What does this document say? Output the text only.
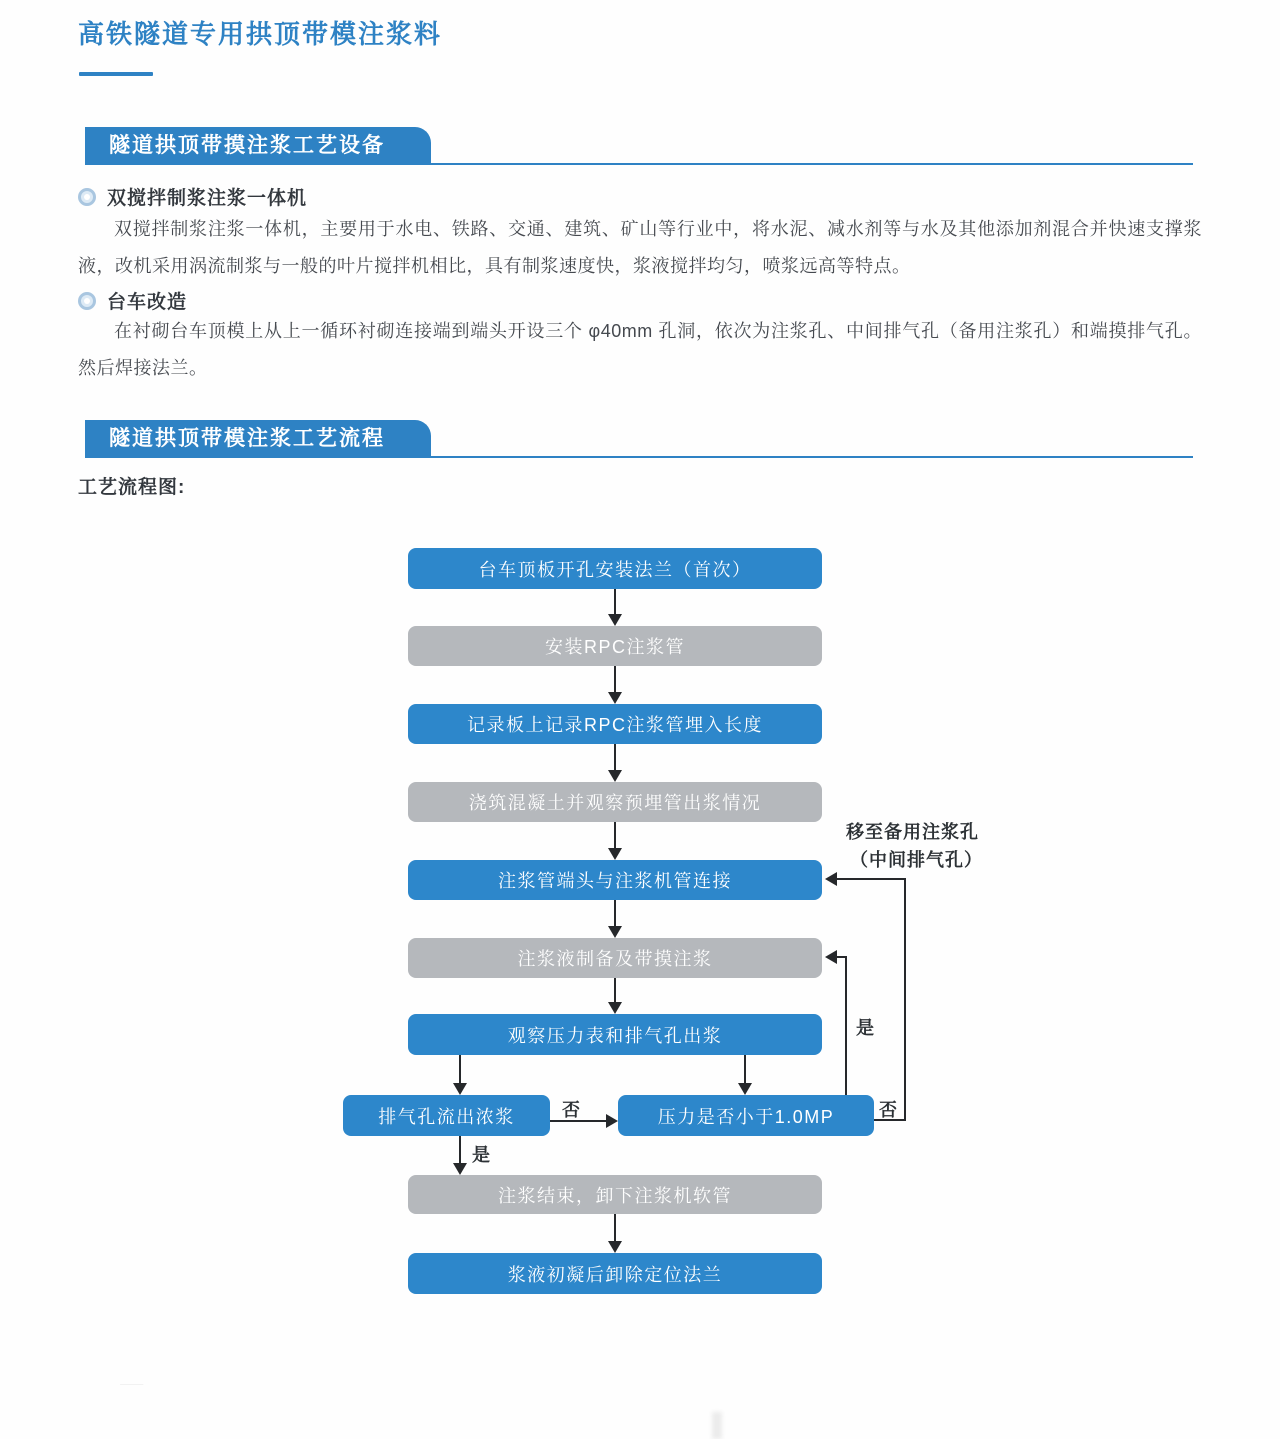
高铁隧道专用拱顶带模注浆料
隧道拱顶带摸注浆工艺设备
双搅拌制浆注浆一体机
双搅拌制浆注浆一体机，主要用于水电、铁路、交通、建筑、矿山等行业中，将水泥、减水剂等与水及其他添加剂混合并快速支撑浆液，改机采用涡流制浆与一般的叶片搅拌机相比，具有制浆速度快，浆液搅拌均匀，喷浆远高等特点。
台车改造
在衬砌台车顶模上从上一循环衬砌连接端到端头开设三个 φ40mm 孔洞，依次为注浆孔、中间排气孔（备用注浆孔）和端摸排气孔。然后焊接法兰。
隧道拱顶带模注浆工艺流程
工艺流程图:
台车顶板开孔安装法兰（首次）
安装RPC注浆管
记录板上记录RPC注浆管埋入长度
浇筑混凝土并观察预埋管出浆情况
注浆管端头与注浆机管连接
注浆液制备及带摸注浆
观察压力表和排气孔出浆
排气孔流出浓浆	压力是否小于1.0MP
注浆结束，卸下注浆机软管
浆液初凝后卸除定位法兰
否
是
是
否
移至备用注浆孔
（中间排气孔）
